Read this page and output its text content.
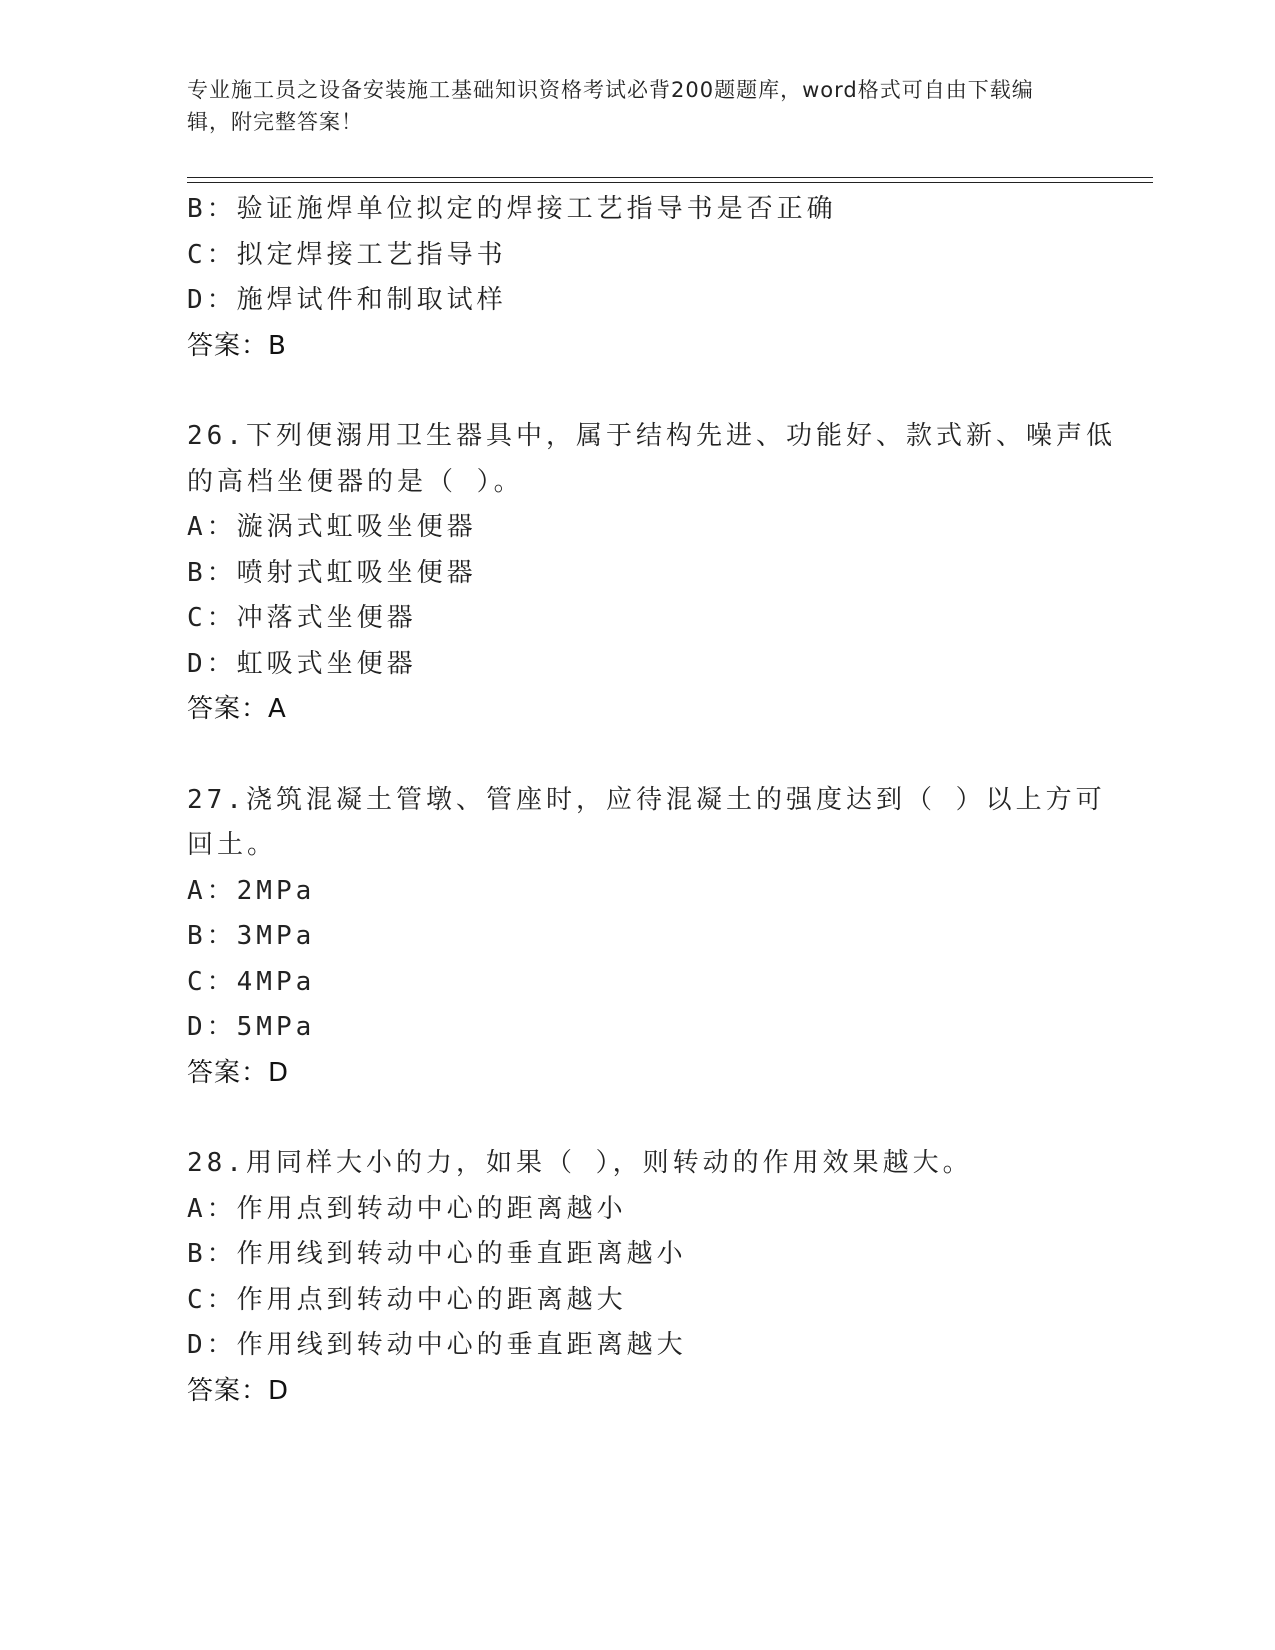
专业施工员之设备安装施工基础知识资格考试必背200题题库，word格式可自由下载编辑，附完整答案！
B：验证施焊单位拟定的焊接工艺指导书是否正确
C：拟定焊接工艺指导书
D：施焊试件和制取试样
答案：B
26.下列便溺用卫生器具中，属于结构先进、功能好、款式新、噪声低
的高档坐便器的是（ ）。
A：漩涡式虹吸坐便器
B：喷射式虹吸坐便器
C：冲落式坐便器
D：虹吸式坐便器
答案：A
27.浇筑混凝土管墩、管座时，应待混凝土的强度达到（ ）以上方可
回土。
A：2MPa
B：3MPa
C：4MPa
D：5MPa
答案：D
28.用同样大小的力，如果（ ），则转动的作用效果越大。
A：作用点到转动中心的距离越小
B：作用线到转动中心的垂直距离越小
C：作用点到转动中心的距离越大
D：作用线到转动中心的垂直距离越大
答案：D
